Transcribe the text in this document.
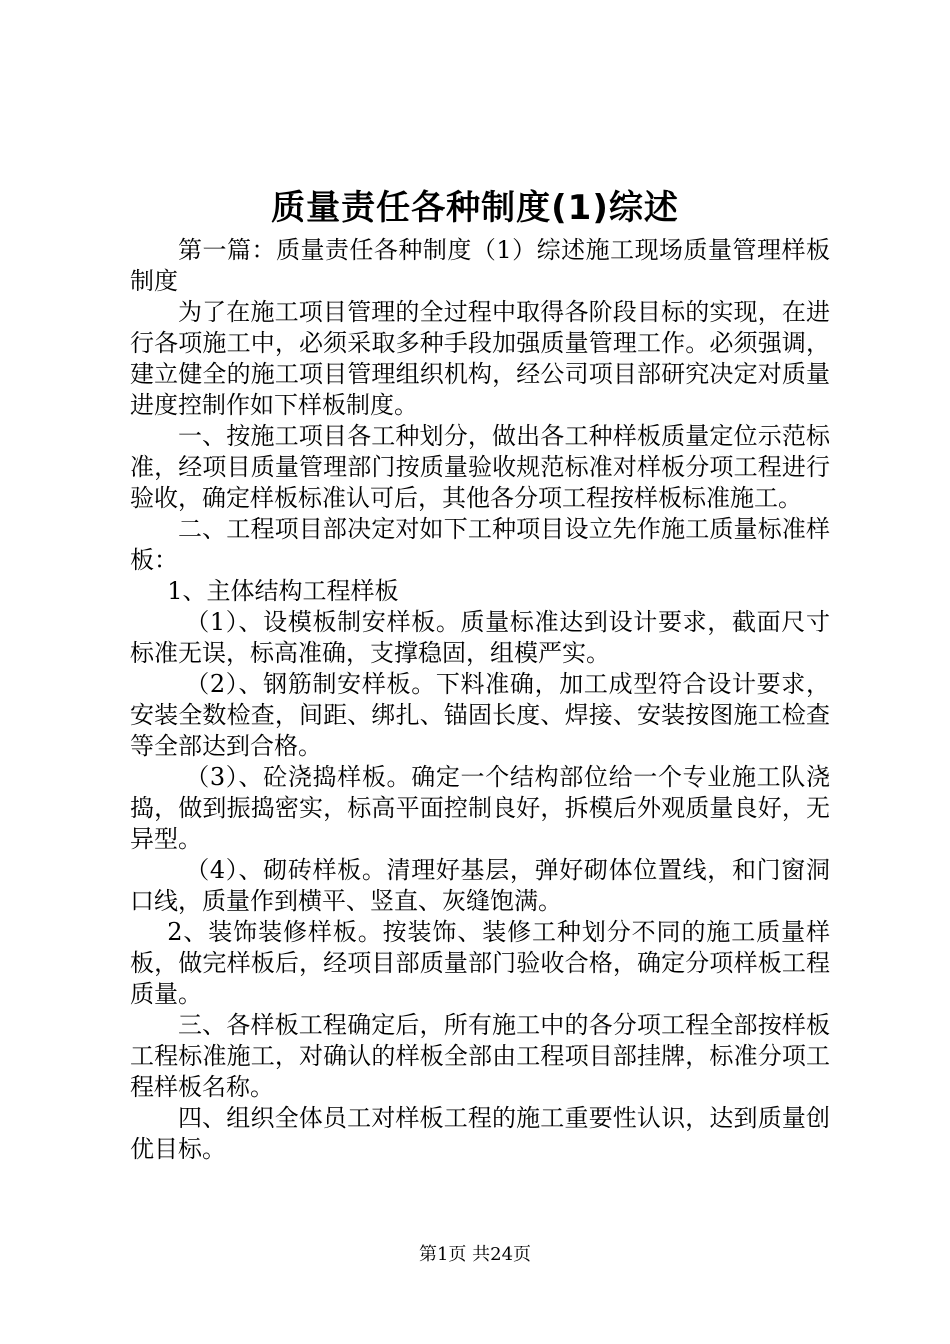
质量责任各种制度(1)综述

第一篇：质量责任各种制度（1）综述施工现场质量管理样板制度

为了在施工项目管理的全过程中取得各阶段目标的实现，在进行各项施工中，必须采取多种手段加强质量管理工作。必须强调，建立健全的施工项目管理组织机构，经公司项目部研究决定对质量进度控制作如下样板制度。

一、按施工项目各工种划分，做出各工种样板质量定位示范标准，经项目质量管理部门按质量验收规范标准对样板分项工程进行验收，确定样板标准认可后，其他各分项工程按样板标准施工。

二、工程项目部决定对如下工种项目设立先作施工质量标准样板：

1、主体结构工程样板

（1）、设模板制安样板。质量标准达到设计要求，截面尺寸标准无误，标高准确，支撑稳固，组模严实。

（2）、钢筋制安样板。下料准确，加工成型符合设计要求，安装全数检查，间距、绑扎、锚固长度、焊接、安装按图施工检查等全部达到合格。

（3）、砼浇捣样板。确定一个结构部位给一个专业施工队浇捣，做到振捣密实，标高平面控制良好，拆模后外观质量良好，无异型。

（4）、砌砖样板。清理好基层，弹好砌体位置线，和门窗洞口线，质量作到横平、竖直、灰缝饱满。

2、装饰装修样板。按装饰、装修工种划分不同的施工质量样板，做完样板后，经项目部质量部门验收合格，确定分项样板工程质量。

三、各样板工程确定后，所有施工中的各分项工程全部按样板工程标准施工，对确认的样板全部由工程项目部挂牌，标准分项工程样板名称。

四、组织全体员工对样板工程的施工重要性认识，达到质量创优目标。

第1页 共24页
